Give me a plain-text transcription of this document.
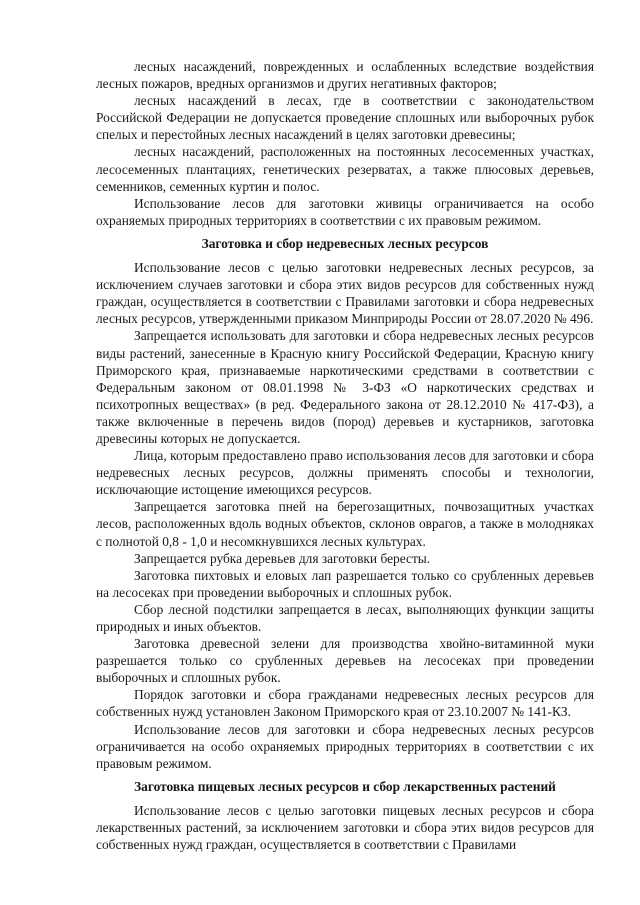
лесных насаждений, поврежденных и ослабленных вследствие воздействия лесных пожаров, вредных организмов и других негативных факторов;

лесных насаждений в лесах, где в соответствии с законодательством Российской Федерации не допускается проведение сплошных или выборочных рубок спелых и перестойных лесных насаждений в целях заготовки древесины;

лесных насаждений, расположенных на постоянных лесосеменных участках, лесосеменных плантациях, генетических резерватах, а также плюсовых деревьев, семенников, семенных куртин и полос.

Использование лесов для заготовки живицы ограничивается на особо охраняемых природных территориях в соответствии с их правовым режимом.

Заготовка и сбор недревесных лесных ресурсов

Использование лесов с целью заготовки недревесных лесных ресурсов, за исключением случаев заготовки и сбора этих видов ресурсов для собственных нужд граждан, осуществляется в соответствии с Правилами заготовки и сбора недревесных лесных ресурсов, утвержденными приказом Минприроды России от 28.07.2020 № 496.

Запрещается использовать для заготовки и сбора недревесных лесных ресурсов виды растений, занесенные в Красную книгу Российской Федерации, Красную книгу Приморского края, признаваемые наркотическими средствами в соответствии с Федеральным законом от 08.01.1998 № 3-ФЗ «О наркотических средствах и психотропных веществах» (в ред. Федерального закона от 28.12.2010 № 417-ФЗ), а также включенные в перечень видов (пород) деревьев и кустарников, заготовка древесины которых не допускается.

Лица, которым предоставлено право использования лесов для заготовки и сбора недревесных лесных ресурсов, должны применять способы и технологии, исключающие истощение имеющихся ресурсов.

Запрещается заготовка пней на берегозащитных, почвозащитных участках лесов, расположенных вдоль водных объектов, склонов оврагов, а также в молодняках с полнотой 0,8 - 1,0 и несомкнувшихся лесных культурах.

Запрещается рубка деревьев для заготовки бересты.

Заготовка пихтовых и еловых лап разрешается только со срубленных деревьев на лесосеках при проведении выборочных и сплошных рубок.

Сбор лесной подстилки запрещается в лесах, выполняющих функции защиты природных и иных объектов.

Заготовка древесной зелени для производства хвойно-витаминной муки разрешается только со срубленных деревьев на лесосеках при проведении выборочных и сплошных рубок.

Порядок заготовки и сбора гражданами недревесных лесных ресурсов для собственных нужд установлен Законом Приморского края от 23.10.2007 № 141-КЗ.

Использование лесов для заготовки и сбора недревесных лесных ресурсов ограничивается на особо охраняемых природных территориях в соответствии с их правовым режимом.

Заготовка пищевых лесных ресурсов и сбор лекарственных растений

Использование лесов с целью заготовки пищевых лесных ресурсов и сбора лекарственных растений, за исключением заготовки и сбора этих видов ресурсов для собственных нужд граждан, осуществляется в соответствии с Правилами
